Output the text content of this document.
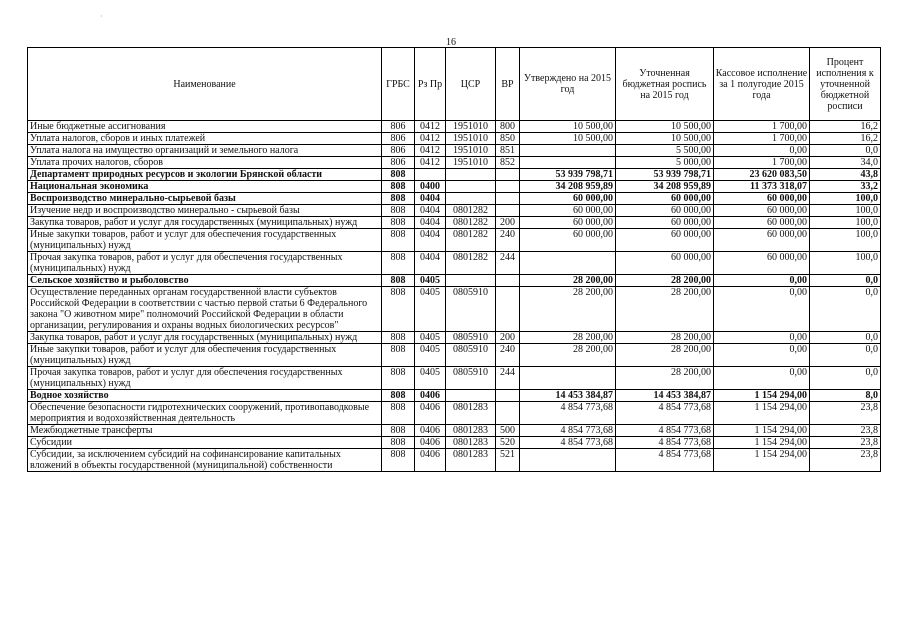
·
16
Наименование	ГРБС	Рз Пр	ЦСР	ВР	Утверждено на 2015 год	Уточненная бюджетная роспись на 2015 год	Кассовое исполнение за 1 полугодие 2015 года	Процент исполнения к уточненной бюджетной росписи
Иные бюджетные ассигнования	806	0412	1951010	800	10 500,00	10 500,00	1 700,00	16,2
Уплата налогов, сборов и иных платежей	806	0412	1951010	850	10 500,00	10 500,00	1 700,00	16,2
Уплата налога на имущество организаций и земельного налога	806	0412	1951010	851		5 500,00	0,00	0,0
Уплата прочих налогов, сборов	806	0412	1951010	852		5 000,00	1 700,00	34,0
Департамент природных ресурсов и экологии Брянской области	808				53 939 798,71	53 939 798,71	23 620 083,50	43,8
Национальная экономика	808	0400			34 208 959,89	34 208 959,89	11 373 318,07	33,2
Воспроизводство минерально-сырьевой базы	808	0404			60 000,00	60 000,00	60 000,00	100,0
Изучение недр и воспроизводство минерально - сырьевой базы	808	0404	0801282		60 000,00	60 000,00	60 000,00	100,0
Закупка товаров, работ и услуг для государственных (муниципальных) нужд	808	0404	0801282	200	60 000,00	60 000,00	60 000,00	100,0
Иные закупки товаров, работ и услуг для обеспечения государственных (муниципальных) нужд	808	0404	0801282	240	60 000,00	60 000,00	60 000,00	100,0
Прочая закупка товаров, работ и услуг для обеспечения государственных (муниципальных) нужд	808	0404	0801282	244		60 000,00	60 000,00	100,0
Сельское хозяйство и рыболовство	808	0405			28 200,00	28 200,00	0,00	0,0
Осуществление переданных органам государственной власти субъектов Российской Федерации в соответствии с частью первой статьи 6 Федерального закона "О животном мире" полномочий Российской Федерации в области организации, регулирования и охраны водных биологических ресурсов"	808	0405	0805910		28 200,00	28 200,00	0,00	0,0
Закупка товаров, работ и услуг для государственных (муниципальных) нужд	808	0405	0805910	200	28 200,00	28 200,00	0,00	0,0
Иные закупки товаров, работ и услуг для обеспечения государственных (муниципальных) нужд	808	0405	0805910	240	28 200,00	28 200,00	0,00	0,0
Прочая закупка товаров, работ и услуг для обеспечения государственных (муниципальных) нужд	808	0405	0805910	244		28 200,00	0,00	0,0
Водное хозяйство	808	0406			14 453 384,87	14 453 384,87	1 154 294,00	8,0
Обеспечение безопасности гидротехнических сооружений, противопаводковые мероприятия и водохозяйственная деятельность	808	0406	0801283		4 854 773,68	4 854 773,68	1 154 294,00	23,8
Межбюджетные трансферты	808	0406	0801283	500	4 854 773,68	4 854 773,68	1 154 294,00	23,8
Субсидии	808	0406	0801283	520	4 854 773,68	4 854 773,68	1 154 294,00	23,8
Субсидии, за исключением субсидий на софинансирование капитальных вложений в объекты государственной (муниципальной) собственности	808	0406	0801283	521		4 854 773,68	1 154 294,00	23,8
